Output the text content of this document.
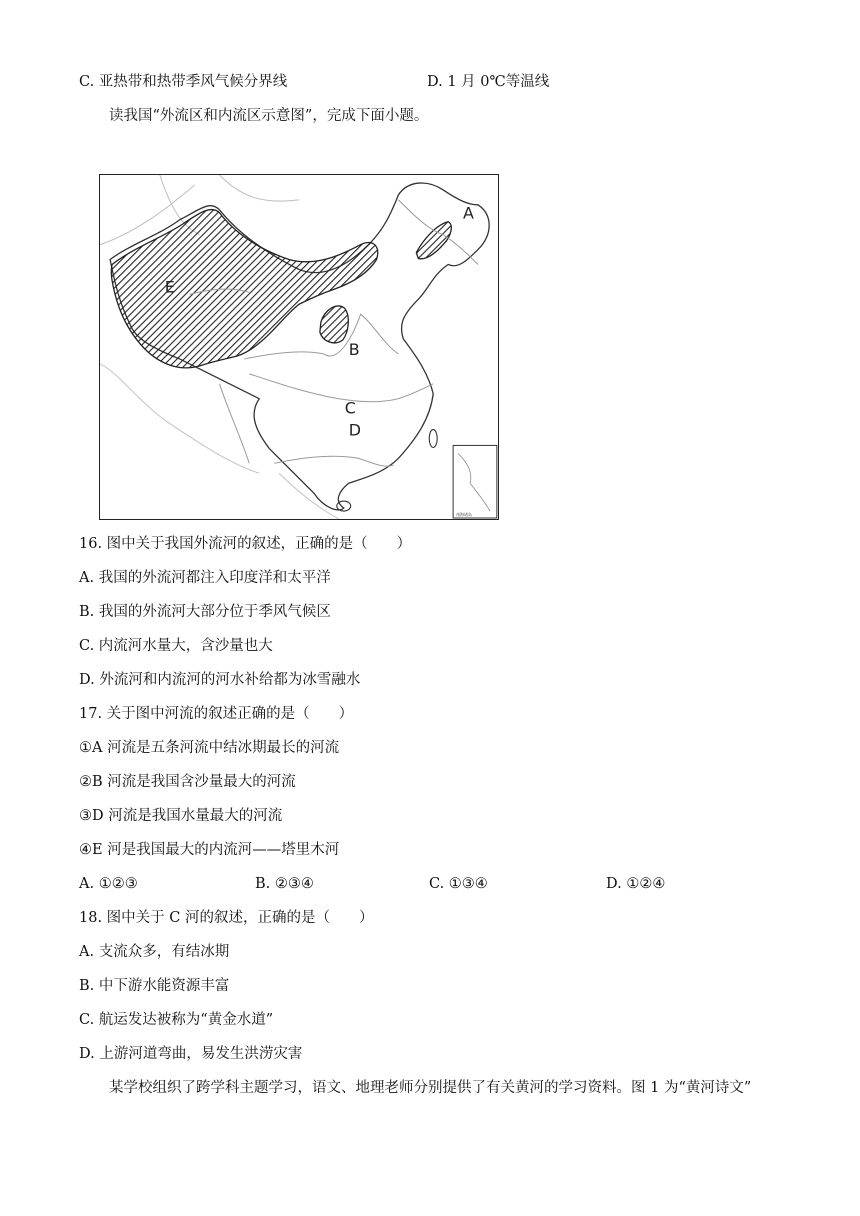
C. 亚热带和热带季风气候分界线	D. 1 月 0℃等温线
读我国“外流区和内流区示意图”，完成下面小题。
南海诸岛
A
B
C
D
E
16. 图中关于我国外流河的叙述，正确的是（　　）
A. 我国的外流河都注入印度洋和太平洋
B. 我国的外流河大部分位于季风气候区
C. 内流河水量大，含沙量也大
D. 外流河和内流河的河水补给都为冰雪融水
17. 关于图中河流的叙述正确的是（　　）
①A 河流是五条河流中结冰期最长的河流
②B 河流是我国含沙量最大的河流
③D 河流是我国水量最大的河流
④E 河是我国最大的内流河——塔里木河
A. ①②③	B. ②③④	C. ①③④	D. ①②④
18. 图中关于 C 河的叙述，正确的是（　　）
A. 支流众多，有结冰期
B. 中下游水能资源丰富
C. 航运发达被称为“黄金水道”
D. 上游河道弯曲，易发生洪涝灾害
某学校组织了跨学科主题学习，语文、地理老师分别提供了有关黄河的学习资料。图 1 为“黄河诗文”
